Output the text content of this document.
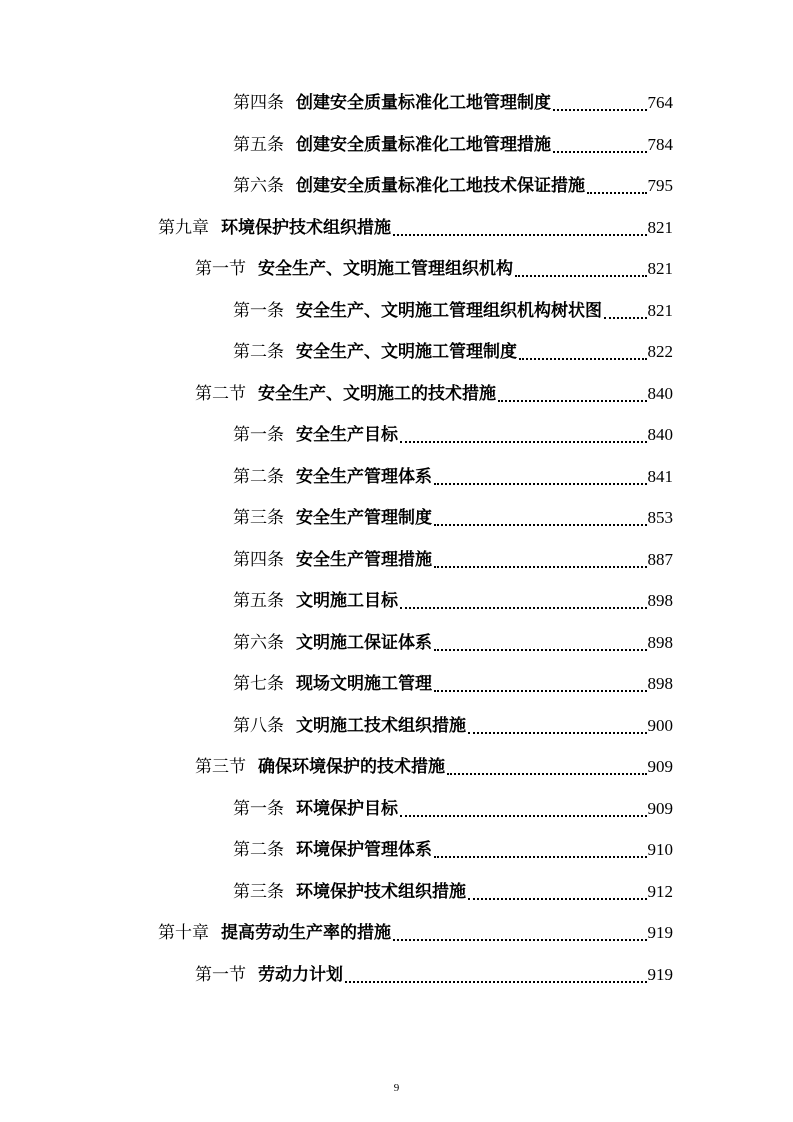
第四条 创建安全质量标准化工地管理制度	764
第五条 创建安全质量标准化工地管理措施	784
第六条 创建安全质量标准化工地技术保证措施	795
第九章 环境保护技术组织措施	821
第一节 安全生产、文明施工管理组织机构	821
第一条 安全生产、文明施工管理组织机构树状图	821
第二条 安全生产、文明施工管理制度	822
第二节 安全生产、文明施工的技术措施	840
第一条 安全生产目标	840
第二条 安全生产管理体系	841
第三条 安全生产管理制度	853
第四条 安全生产管理措施	887
第五条 文明施工目标	898
第六条 文明施工保证体系	898
第七条 现场文明施工管理	898
第八条 文明施工技术组织措施	900
第三节 确保环境保护的技术措施	909
第一条 环境保护目标	909
第二条 环境保护管理体系	910
第三条 环境保护技术组织措施	912
第十章 提高劳动生产率的措施	919
第一节 劳动力计划	919
9
